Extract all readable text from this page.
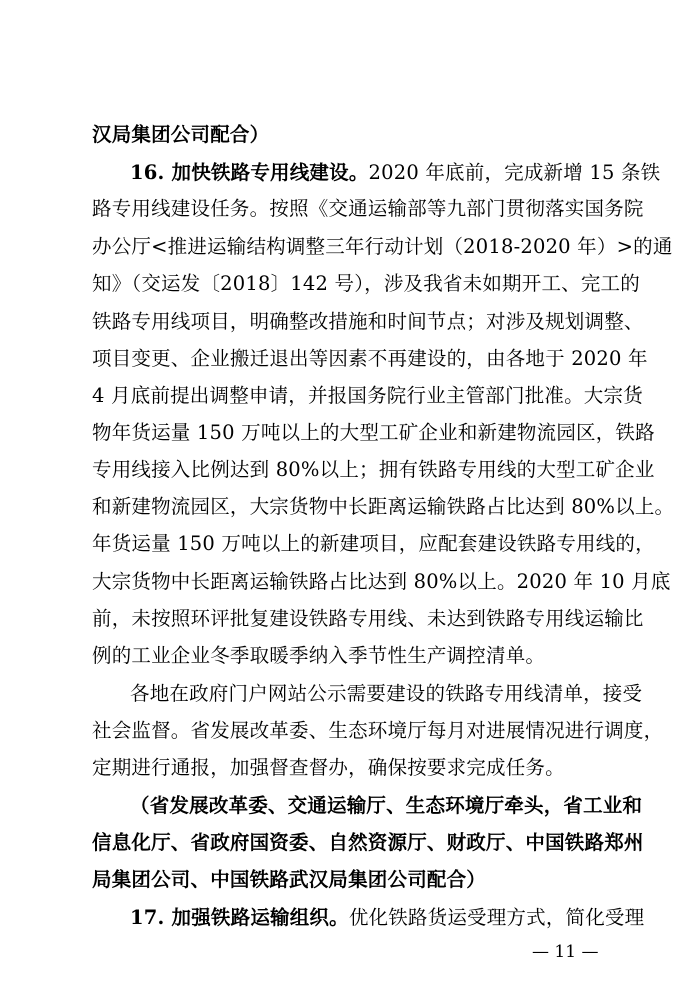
汉局集团公司配合）
16. 加快铁路专用线建设。2020 年底前，完成新增 15 条铁
路专用线建设任务。按照《交通运输部等九部门贯彻落实国务院
办公厅<推进运输结构调整三年行动计划（2018-2020 年）>的通
知》（交运发〔2018〕142 号），涉及我省未如期开工、完工的
铁路专用线项目，明确整改措施和时间节点；对涉及规划调整、
项目变更、企业搬迁退出等因素不再建设的，由各地于 2020 年
4 月底前提出调整申请，并报国务院行业主管部门批准。大宗货
物年货运量 150 万吨以上的大型工矿企业和新建物流园区，铁路
专用线接入比例达到 80%以上；拥有铁路专用线的大型工矿企业
和新建物流园区，大宗货物中长距离运输铁路占比达到 80%以上。
年货运量 150 万吨以上的新建项目，应配套建设铁路专用线的，
大宗货物中长距离运输铁路占比达到 80%以上。2020 年 10 月底
前，未按照环评批复建设铁路专用线、未达到铁路专用线运输比
例的工业企业冬季取暖季纳入季节性生产调控清单。
各地在政府门户网站公示需要建设的铁路专用线清单，接受
社会监督。省发展改革委、生态环境厅每月对进展情况进行调度，
定期进行通报，加强督查督办，确保按要求完成任务。
（省发展改革委、交通运输厅、生态环境厅牵头，省工业和
信息化厅、省政府国资委、自然资源厅、财政厅、中国铁路郑州
局集团公司、中国铁路武汉局集团公司配合）
17. 加强铁路运输组织。优化铁路货运受理方式，简化受理
— 11 —
